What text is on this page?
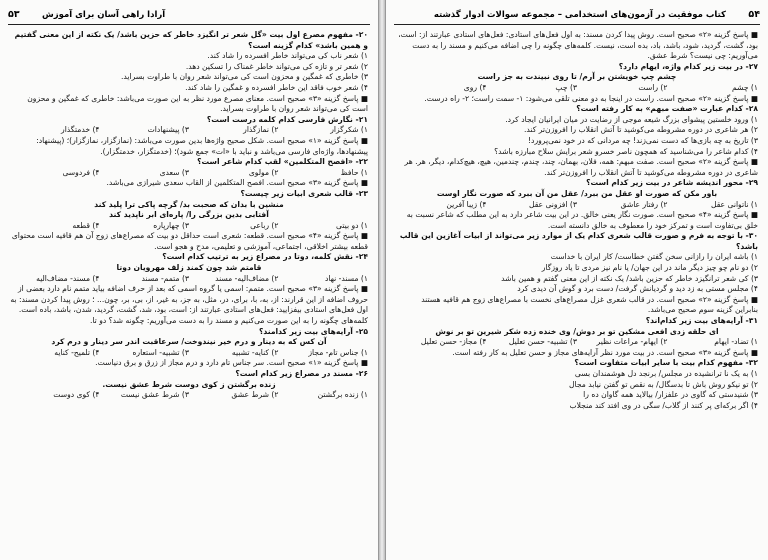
۵۳	آرادا راهی آسان برای آموزش

۲۰- مفهوم مصرع اول بیت «گل شعر تر انگیزد خاطر که حزین باشد/ یک نکته از این معنی گفتیم و همین باشد» کدام گزینه است؟

۱) شعر ناب کی می‌تواند خاطر افسرده را شاد کند.

۲) شعر تر و تازه کی می‌تواند خاطر غمناک را تسکین دهد.

۳) خاطری که غمگین و محزون است کی می‌تواند شعر روان با طراوت بسراید.

۴) شعر خوب فاقد این خاطر افسرده و غمگین را شاد کند.

■ پاسخ گزینه «۳» صحیح است. معنای مصرع مورد نظر به این صورت می‌باشد: خاطری که غمگین و محزون است کی می‌تواند شعر روان با طراوت بسراید.

۲۱- نگارش فارسی کدام کلمه درست است؟

۱) شکرگزار
۲) نمازگذار
۳) پیشنهادات
۴) خدمتگذار

■ پاسخ گزینه «۱» صحیح است. شکل صحیح واژه‌ها بدین صورت می‌باشد: (نمازگزار، نمازگزار)؛ (پیشنهاد: پیشنهادها، واژه‌ای فارسی می‌باشد و نباید با «ات» جمع شود)؛ (خدمتگزار، خدمتگزار).

۲۲- «افصح المتکلمین» لقب کدام شاعر است؟

۱) حافظ
۲) مولوی
۳) سعدی
۴) فردوسی

■ پاسخ گزینه «۳» صحیح است. افصح المتکلمین از القاب سعدی شیرازی می‌باشد.

۲۳- قالب شعری ابیات زیر چیست؟

منشین با بدان که صحبت بد/ گرچه پاکی ترا پلید کند

آفتابی بدین بزرگی را/ پاره‌ای ابر ناپدید کند

۱) دو بیتی
۲) رباعی
۳) چهارپاره
۴) قطعه

■ پاسخ گزینه «۴» صحیح است. قطعه: شعری است حداقل دو بیت که مصراع‌های زوج آن هم قافیه است محتوای قطعه بیشتر اخلاقی، اجتماعی، آموزشی و تعلیمی، مدح و هجو است.

۲۴- نقش کلمه، دوتا در مصراع زیر به ترتیب کدام است؟

قامتم شد چون کمند زلف مهرویان دوتا

۱) مسند- نهاد
۲) مضاف‌الیه- مسند
۳) متمم- مسند
۴) مسند- مضاف‌الیه

■ پاسخ گزینه «۳» صحیح است. متمم: اسمی یا گروه اسمی که بعد از حرف اضافه بیاید متمم نام دارد بعضی از حروف اضافه از این قرارند: از، به، با، برای، در، مثل، به جز، به غیر، از، بی، بر، چون... ؛ روش پیدا کردن مسند: به اول فعل‌های استادی بیفزایید: فعل‌های استادی عبارتند از: است، بود، شد، گشت، گردید، شدن، باشد، باده است. کلمه‌های چگونه را به این صورت می‌کنیم و مسند را به دست می‌آوریم: چگونه شد؟ دو تا.

۲۵- آرایه‌های بیت زیر کدامند؟

آن کس که به دینار و درم خیر نیندوخت/ سرعاقبت اندر سر دینار و درم کرد

۱) جناس تام- مجاز
۲) کنایه- تشبیه
۳) تشبیه- استعاره
۴) تلمیح- کنایه

■ پاسخ گزینه «۱» صحیح است. سر جناس تام دارد و درم مجاز از زرق و برق دنیاست.

۲۶- مسند در مصراع زیر کدام است؟

زنده برگشتن ز کوی دوست شرط عشق نیست.

۱) زنده برگشتن
۲) شرط عشق
۳) شرط عشق نیست
۴) کوی دوست
۵۴
کتاب موفقیت در آزمون‌های استخدامی – مجموعه سوالات ادوار گذشته

■ پاسخ گزینه «۲» صحیح است. روش پیدا کردن مسند: به اول فعل‌های استادی: فعل‌های استادی عبارتند از: است، بود، گشت، گردید، شود، باشد، باد، بده است، نیست. کلمه‌های چگونه را چی اضافه می‌کنیم و مسند را به دست می‌آوریم: چی نیست؟ شرط عشق.

۲۷- در بیت زیر کدام واژه، ایهام دارد؟

چشم چپ خویشتن بر آرم/ تا روی نبیندت به جز راست

۱) چشم
۲) راست
۳) چپ
۴) روی

■ پاسخ گزینه «۲» صحیح است. راست در اینجا به دو معنی تلقی می‌شود: ۱- سمت راست؛ ۲- راه درست.

۲۸- کدام عبارت «صفت مبهم» به کار رفته است؟

۱) ورود خلستین پیشوای بزرگ شیعه موجی از رضایت در میان ایرانیان ایجاد کرد.

۲) هر شاعری در دوره مشروطه می‌کوشید تا آتش انقلاب را افروزن‌تر کند.

۳) تاریخ به چه بازی‌ها که دست نمی‌زند! چه مردانی که در خود نمی‌پرورد!

۴) کدام شاعر را می‌شناسید که همچون ناصر خسرو شعر برایش سلاح مبارزه باشد؟

■ پاسخ گزینه «۲» صحیح است. صفت مبهم: همه، فلان، بهمان، چند، چندم، چندمین، هیچ، هیچ‌کدام، دیگر، هر. هر شاعری در دوره مشروطه می‌کوشید تا آتش انقلاب را افروزن‌تر کند.

۲۹- محور اندیشه شاعر در بیت زیر کدام است؟

باور مکن که صورت او عقل من ببرد/ عقل من آن ببرد که صورت نگار اوست

۱) ناتوانی عقل
۲) رفتار عاشق
۳) افزونی عقل
۴) زیبا آفرین

■ پاسخ گزینه «۴» صحیح است. صورت نگار یعنی خالق. در این بیت شاعر دارد به این مطلب که شاعر نسبت به خلق بی‌تفاوت است و تمرکز خود را معطوف به خالق دانسته است.

۳۰- با توجه به فرم و صورت قالب شعری کدام یک از موارد زیر می‌تواند از ابیات آغازین این قالب باشد؟

۱) باشه ایران را رازانی سخن گفتن خطاست/ کار ایران با خداست

۲) دو نام چو چیز دیگر ماند در این جهان/ یا نام نیز مردی تا یاد روزگار

۳) کی شعر ترانگیزد خاطر که حزین باشد/ یک نکته از این معنی گفتم و همین باشد

۴) مجلس مستی به زد دید و گردیانش گرفت/ دست برد و گوش آن دیدی کرد

■ پاسخ گزینه «۲» صحیح است. در قالب شعری غزل مصراع‌های نخست با مصراع‌های زوج هم قافیه هستند بنابراین گزینه سوم صحیح می‌باشد.

۳۱- آرایه‌های بیت زیر کدام‌اند؟

ای حلقه زدی افعی مشکین تو بر دوش/ وی خنده زده شکر شیرین تو بر نوش

۱) تضاد- ایهام
۲) ایهام- مراعات نظیر
۳) تشبیه- حسن تعلیل
۴) مجاز- حسن تعلیل

■ پاسخ گزینه «۳» صحیح است. در بیت مورد نظر آرایه‌های مجاز و حسن تعلیل به کار رفته است.

۳۲- مفهوم کدام بیت با سایر ابیات متفاوت است؟

۱) به یک نا ترانشیده در مجلس/ برنجد دل هوشمندان بسی

۲) تو نیکو روش باش تا بدسگال/ به نقص تو گفتن نیابد مجال

۳) شنیدستی که گاوی در علفزار/ بیالاید همه گاوان ده را

۴) اگر برکه‌ای پر کنند از گلاب/ سگی در وی افتد کند منجلاب
